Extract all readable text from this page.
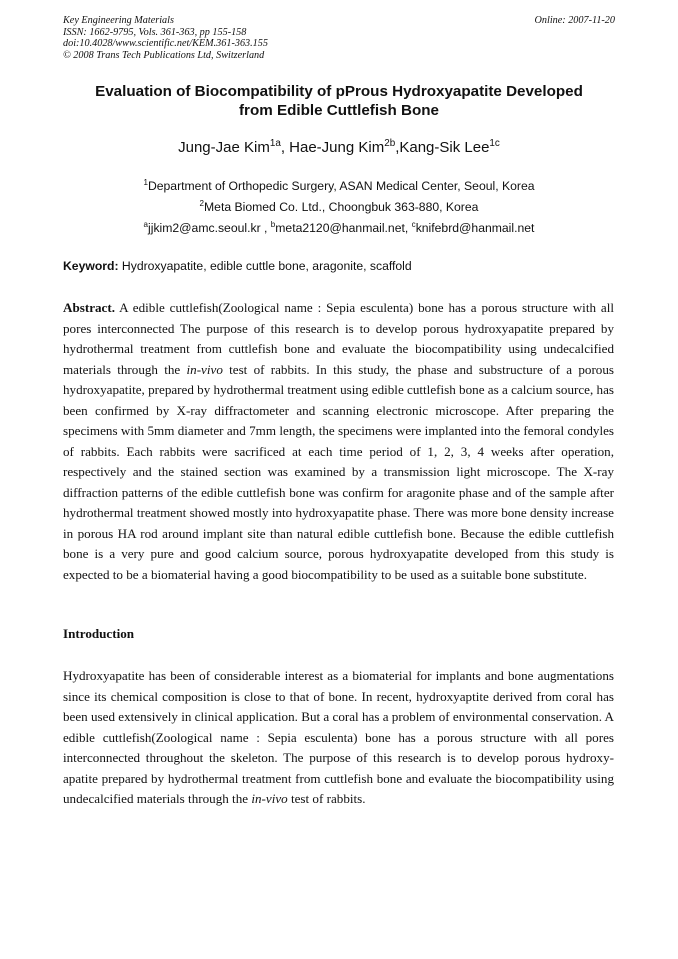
Key Engineering Materials
ISSN: 1662-9795, Vols. 361-363, pp 155-158
doi:10.4028/www.scientific.net/KEM.361-363.155
© 2008 Trans Tech Publications Ltd, Switzerland
Online: 2007-11-20
Evaluation of Biocompatibility of pProus Hydroxyapatite Developed
from Edible Cuttlefish Bone
Jung-Jae Kim$^{1a}$, Hae-Jung Kim$^{2b}$,Kang-Sik Lee$^{1c}$
$^1$Department of Orthopedic Surgery, ASAN Medical Center, Seoul, Korea
$^2$Meta Biomed Co. Ltd., Choongbuk 363-880, Korea
$^a$jjkim2@amc.seoul.kr , $^b$meta2120@hanmail.net, $^c$knifebrd@hanmail.net
Keyword: Hydroxyapatite, edible cuttle bone, aragonite, scaffold
Abstract. A edible cuttlefish(Zoological name : Sepia esculenta) bone has a porous structure with all pores interconnected The purpose of this research is to develop porous hydroxyapatite prepared by hydrothermal treatment from cuttlefish bone and evaluate the biocompatibility using undecalcified materials through the in-vivo test of rabbits. In this study, the phase and substructure of a porous hydroxyapatite, prepared by hydrothermal treatment using edible cuttlefish bone as a calcium source, has been confirmed by X-ray diffractometer and scanning electronic microscope. After preparing the specimens with 5mm diameter and 7mm length, the specimens were implanted into the femoral condyles of rabbits. Each rabbits were sacrificed at each time period of 1, 2, 3, 4 weeks after operation, respectively and the stained section was examined by a transmission light microscope. The X-ray diffraction patterns of the edible cuttlefish bone was confirm for aragonite phase and of the sample after hydrothermal treatment showed mostly into hydroxyapatite phase. There was more bone density increase in porous HA rod around implant site than natural edible cuttlefish bone. Because the edible cuttlefish bone is a very pure and good calcium source, porous hydroxyapatite developed from this study is expected to be a biomaterial having a good biocompatibility to be used as a suitable bone substitute.
Introduction
Hydroxyapatite has been of considerable interest as a biomaterial for implants and bone augmentations since its chemical composition is close to that of bone. In recent, hydroxyaptite derived from coral has been used extensively in clinical application. But a coral has a problem of environmental conservation. A edible cuttlefish(Zoological name : Sepia esculenta) bone has a porous structure with all pores interconnected throughout the skeleton. The purpose of this research is to develop porous hydroxy-apatite prepared by hydrothermal treatment from cuttlefish bone and evaluate the biocompatibility using undecalcified materials through the in-vivo test of rabbits.
